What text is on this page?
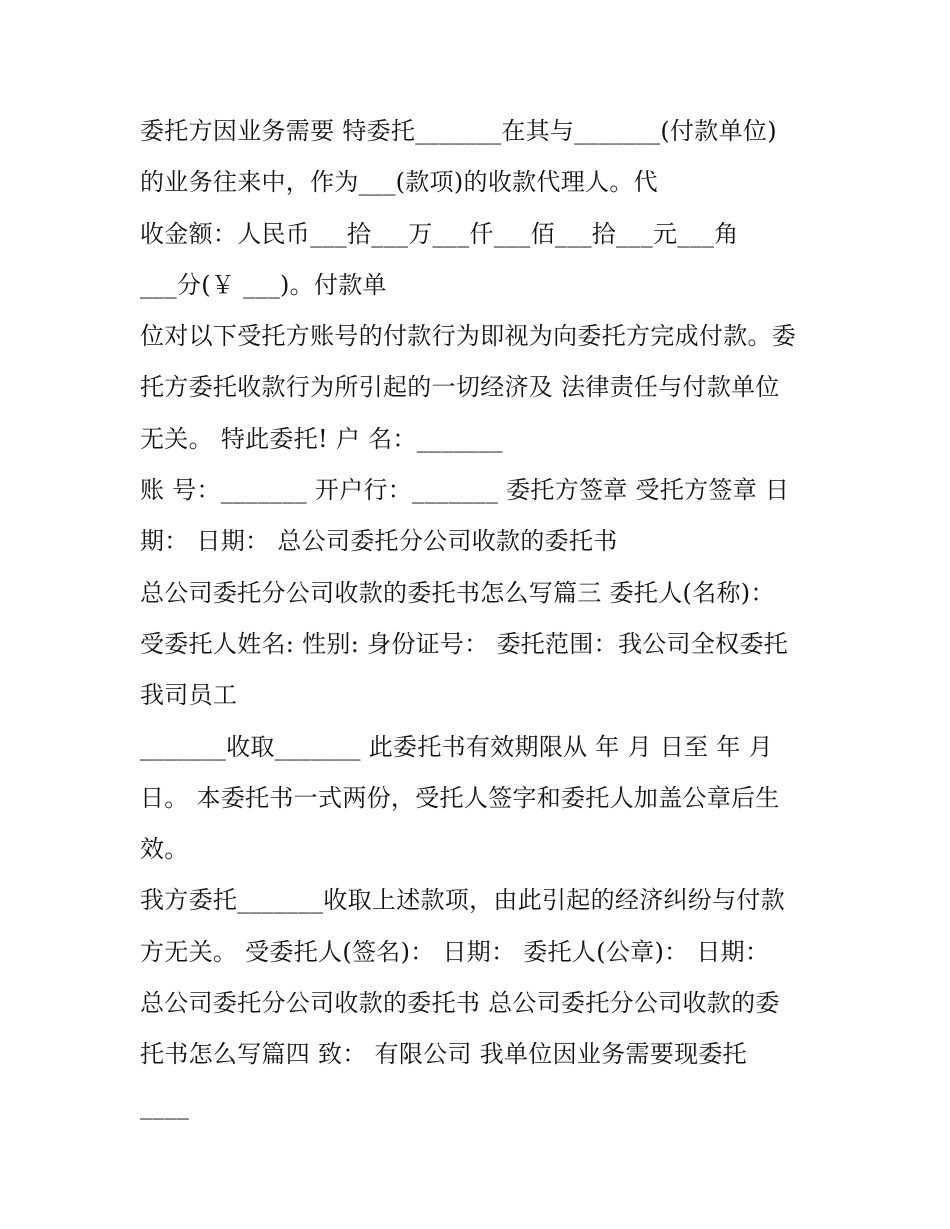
委托方因业务需要 特委托_______在其与_______(付款单位)
的业务往来中，作为___(款项)的收款代理人。代
收金额：人民币___拾___万___仟___佰___拾___元___角
___分(￥ ___)。付款单
位对以下受托方账号的付款行为即视为向委托方完成付款。委
托方委托收款行为所引起的一切经济及 法律责任与付款单位
无关。 特此委托! 户 名：_______
账 号：_______ 开户行：_______ 委托方签章 受托方签章 日
期： 日期： 总公司委托分公司收款的委托书
总公司委托分公司收款的委托书怎么写篇三 委托人(名称)：
受委托人姓名: 性别: 身份证号： 委托范围：我公司全权委托
我司员工
_______收取_______ 此委托书有效期限从 年 月 日至 年 月
日。 本委托书一式两份，受托人签字和委托人加盖公章后生
效。
我方委托_______收取上述款项，由此引起的经济纠纷与付款
方无关。 受委托人(签名)： 日期： 委托人(公章)： 日期：
总公司委托分公司收款的委托书 总公司委托分公司收款的委
托书怎么写篇四 致： 有限公司 我单位因业务需要现委托
____
